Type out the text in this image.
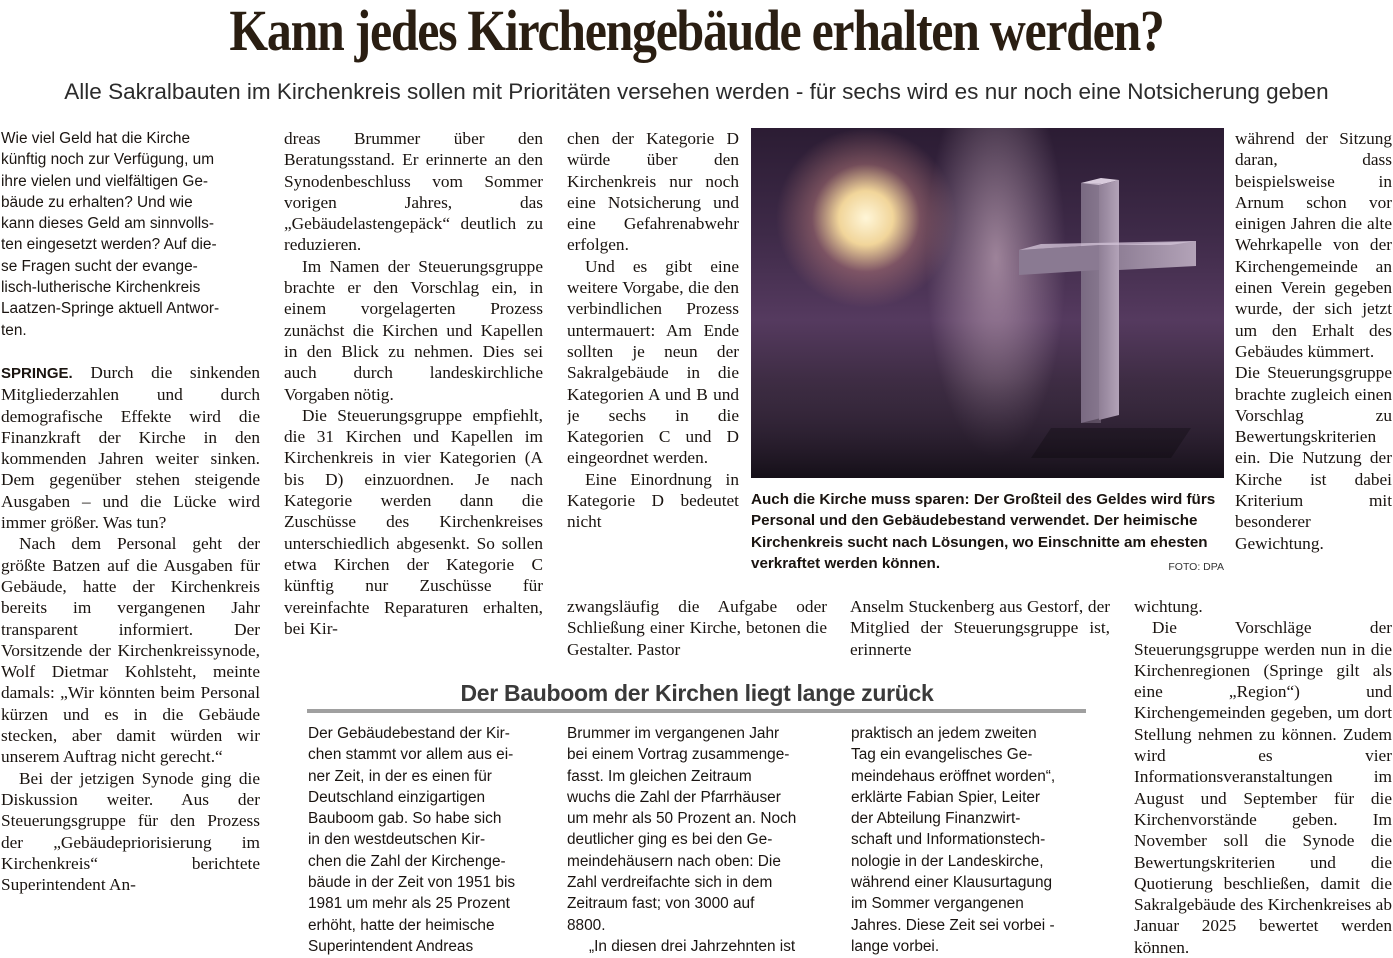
Kann jedes Kirchengebäude erhalten werden?
Alle Sakralbauten im Kirchenkreis sollen mit Prioritäten versehen werden - für sechs wird es nur noch eine Notsicherung geben
Wie viel Geld hat die Kirche
künftig noch zur Verfügung, um
ihre vielen und vielfältigen Ge-
bäude zu erhalten? Und wie
kann dieses Geld am sinnvolls-
ten eingesetzt werden? Auf die-
se Fragen sucht der evange-
lisch-lutherische Kirchenkreis
Laatzen-Springe aktuell Antwor-
ten.

SPRINGE. Durch die sinkenden Mitgliederzahlen und durch demografische Effekte wird die Finanzkraft der Kirche in den kommenden Jahren weiter sinken. Dem gegenüber stehen steigende Ausgaben – und die Lücke wird immer größer. Was tun?

Nach dem Personal geht der größte Batzen auf die Ausgaben für Gebäude, hatte der Kirchenkreis bereits im vergangenen Jahr transparent informiert. Der Vorsitzende der Kirchenkreissynode, Wolf Dietmar Kohlsteht, meinte damals: „Wir könnten beim Personal kürzen und es in die Gebäude stecken, aber damit würden wir unserem Auftrag nicht gerecht.“

Bei der jetzigen Synode ging die Diskussion weiter. Aus der Steuerungsgruppe für den Prozess der „Gebäudepriorisierung im Kirchenkreis“ berichtete Superintendent An-

dreas Brummer über den Beratungsstand. Er erinnerte an den Synodenbeschluss vom Sommer vorigen Jahres, das „Gebäudelastengepäck“ deutlich zu reduzieren.

Im Namen der Steuerungsgruppe brachte er den Vorschlag ein, in einem vorgelagerten Prozess zunächst die Kirchen und Kapellen in den Blick zu nehmen. Dies sei auch durch landeskirchliche Vorgaben nötig.

Die Steuerungsgruppe empfiehlt, die 31 Kirchen und Kapellen im Kirchenkreis in vier Kategorien (A bis D) einzuordnen. Je nach Kategorie werden dann die Zuschüsse des Kirchenkreises unterschiedlich abgesenkt. So sollen etwa Kirchen der Kategorie C künftig nur Zuschüsse für vereinfachte Reparaturen erhalten, bei Kir-

chen der Kategorie D würde über den Kirchenkreis nur noch eine Notsicherung und eine Gefahrenabwehr erfolgen.

Und es gibt eine weitere Vorgabe, die den verbindlichen Prozess untermauert: Am Ende sollten je neun der Sakralgebäude in die Kategorien A und B und je sechs in die Kategorien C und D eingeordnet werden.

Eine Einordnung in Kategorie D bedeutet nicht

zwangsläufig die Aufgabe oder Schließung einer Kirche, betonen die Gestalter. Pastor

Anselm Stuckenberg aus Gestorf, der Mitglied der Steuerungsgruppe ist, erinnerte

Auch die Kirche muss sparen: Der Großteil des Geldes wird fürs Personal und den Gebäudebestand verwendet. Der heimische Kirchenkreis sucht nach Lösungen, wo Einschnitte am ehesten verkraftet werden können.	FOTO: DPA

während der Sitzung daran, dass beispielsweise in Arnum schon vor einigen Jahren die alte Wehrkapelle von der Kirchengemeinde an einen Verein gegeben wurde, der sich jetzt um den Erhalt des Gebäudes kümmert.

Die Steuerungsgruppe brachte zugleich einen Vorschlag zu Bewertungskriterien ein. Die Nutzung der Kirche ist dabei Kriterium mit besonderer Gewichtung.

wichtung.

Die Vorschläge der Steuerungsgruppe werden nun in die Kirchenregionen (Springe gilt als eine „Region“) und Kirchengemeinden gegeben, um dort Stellung nehmen zu können. Zudem wird es vier Informationsveranstaltungen im August und September für die Kirchenvorstände geben. Im November soll die Synode die Bewertungskriterien und die Quotierung beschließen, damit die Sakralgebäude des Kirchenkreises ab Januar 2025 bewertet werden können.

Der Bauboom der Kirchen liegt lange zurück
Der Gebäudebestand der Kir-
chen stammt vor allem aus ei-
ner Zeit, in der es einen für
Deutschland einzigartigen
Bauboom gab. So habe sich
in den westdeutschen Kir-
chen die Zahl der Kirchenge-
bäude in der Zeit von 1951 bis
1981 um mehr als 25 Prozent
erhöht, hatte der heimische
Superintendent Andreas
Brummer im vergangenen Jahr
bei einem Vortrag zusammenge-
fasst. Im gleichen Zeitraum
wuchs die Zahl der Pfarrhäuser
um mehr als 50 Prozent an. Noch
deutlicher ging es bei den Ge-
meindehäusern nach oben: Die
Zahl verdreifachte sich in dem
Zeitraum fast; von 3000 auf
8800.
„In diesen drei Jahrzehnten ist
praktisch an jedem zweiten
Tag ein evangelisches Ge-
meindehaus eröffnet worden“,
erklärte Fabian Spier, Leiter
der Abteilung Finanzwirt-
schaft und Informationstech-
nologie in der Landeskirche,
während einer Klausurtagung
im Sommer vergangenen
Jahres. Diese Zeit sei vorbei -
lange vorbei.
